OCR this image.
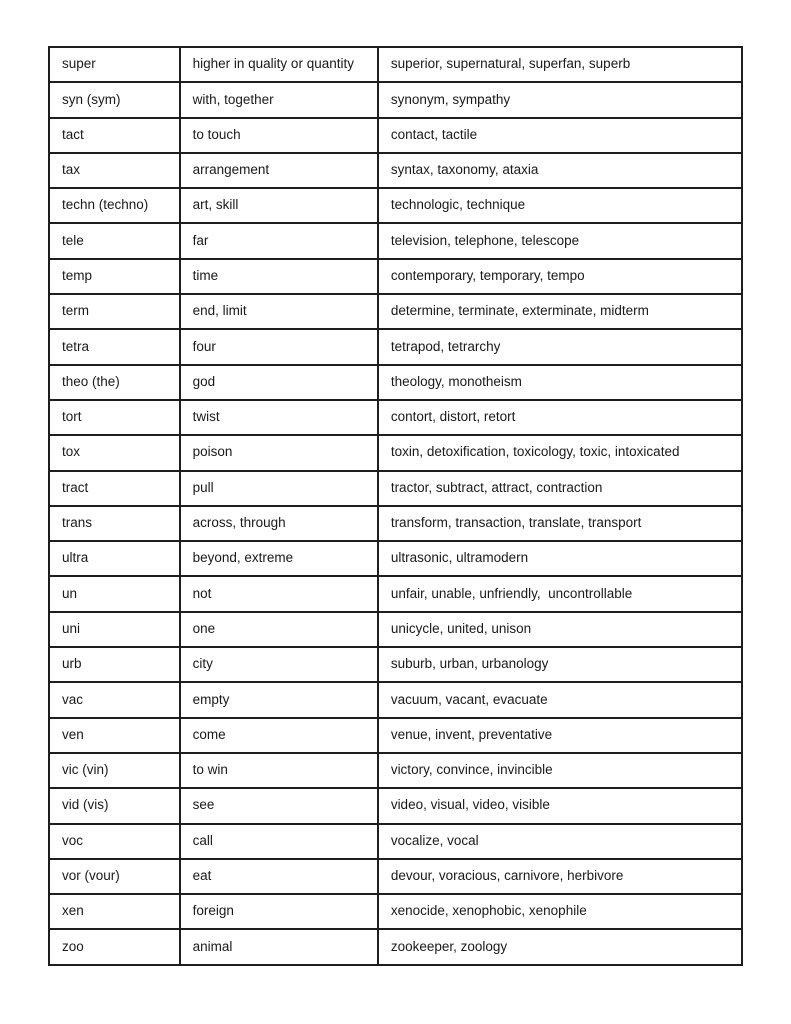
super	higher in quality or quantity	superior, supernatural, superfan, superb
syn (sym)	with, together	synonym, sympathy
tact	to touch	contact, tactile
tax	arrangement	syntax, taxonomy, ataxia
techn (techno)	art, skill	technologic, technique
tele	far	television, telephone, telescope
temp	time	contemporary, temporary, tempo
term	end, limit	determine, terminate, exterminate, midterm
tetra	four	tetrapod, tetrarchy
theo (the)	god	theology, monotheism
tort	twist	contort, distort, retort
tox	poison	toxin, detoxification, toxicology, toxic, intoxicated
tract	pull	tractor, subtract, attract, contraction
trans	across, through	transform, transaction, translate, transport
ultra	beyond, extreme	ultrasonic, ultramodern
un	not	unfair, unable, unfriendly,  uncontrollable
uni	one	unicycle, united, unison
urb	city	suburb, urban, urbanology
vac	empty	vacuum, vacant, evacuate
ven	come	venue, invent, preventative
vic (vin)	to win	victory, convince, invincible
vid (vis)	see	video, visual, video, visible
voc	call	vocalize, vocal
vor (vour)	eat	devour, voracious, carnivore, herbivore
xen	foreign	xenocide, xenophobic, xenophile
zoo	animal	zookeeper, zoology
